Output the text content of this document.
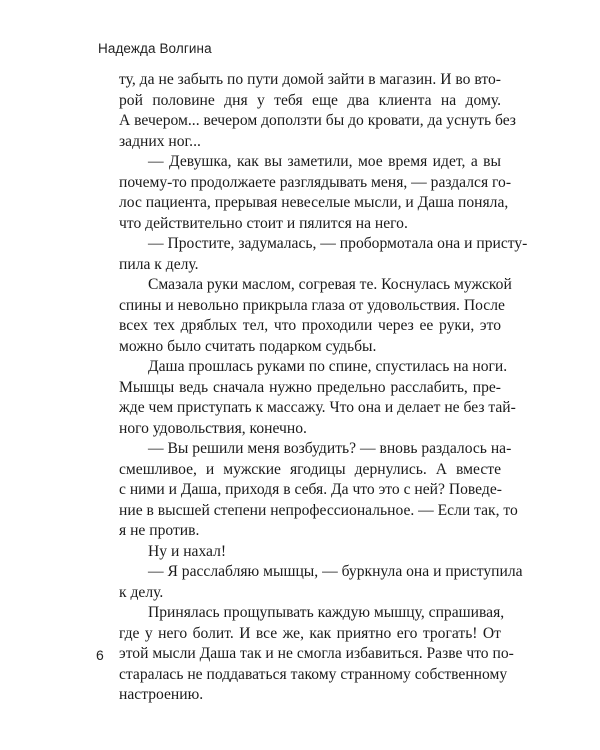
Надежда Волгина
ту, да не забыть по пути домой зайти в магазин. И во вто-
рой половине дня у тебя еще два клиента на дому.
А вечером... вечером доползти бы до кровати, да уснуть без
задних ног...
— Девушка, как вы заметили, мое время идет, а вы
почему-то продолжаете разглядывать меня, — раздался го-
лос пациента, прерывая невеселые мысли, и Даша поняла,
что действительно стоит и пялится на него.
— Простите, задумалась, — пробормотала она и присту-
пила к делу.
Смазала руки маслом, согревая те. Коснулась мужской
спины и невольно прикрыла глаза от удовольствия. После
всех тех дряблых тел, что проходили через ее руки, это
можно было считать подарком судьбы.
Даша прошлась руками по спине, спустилась на ноги.
Мышцы ведь сначала нужно предельно расслабить, пре-
жде чем приступать к массажу. Что она и делает не без тай-
ного удовольствия, конечно.
— Вы решили меня возбудить? — вновь раздалось на-
смешливое, и мужские ягодицы дернулись. А вместе
с ними и Даша, приходя в себя. Да что это с ней? Поведе-
ние в высшей степени непрофессиональное. — Если так, то
я не против.
Ну и нахал!
— Я расслабляю мышцы, — буркнула она и приступила
к делу.
Принялась прощупывать каждую мышцу, спрашивая,
где у него болит. И все же, как приятно его трогать! От
этой мысли Даша так и не смогла избавиться. Разве что по-
старалась не поддаваться такому странному собственному
настроению.
6
